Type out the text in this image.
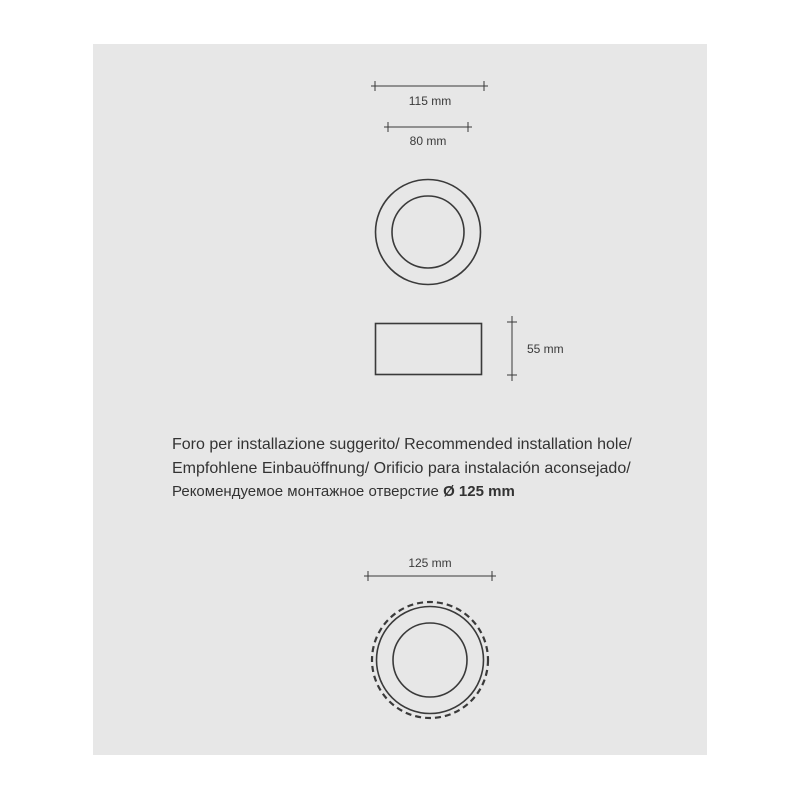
115 mm
80 mm
55 mm
125 mm
Foro per installazione suggerito/ Recommended installation hole/
Empfohlene Einbauöffnung/ Orificio para instalación aconsejado/
Рекомендуемое монтажное отверстие Ø 125 mm
